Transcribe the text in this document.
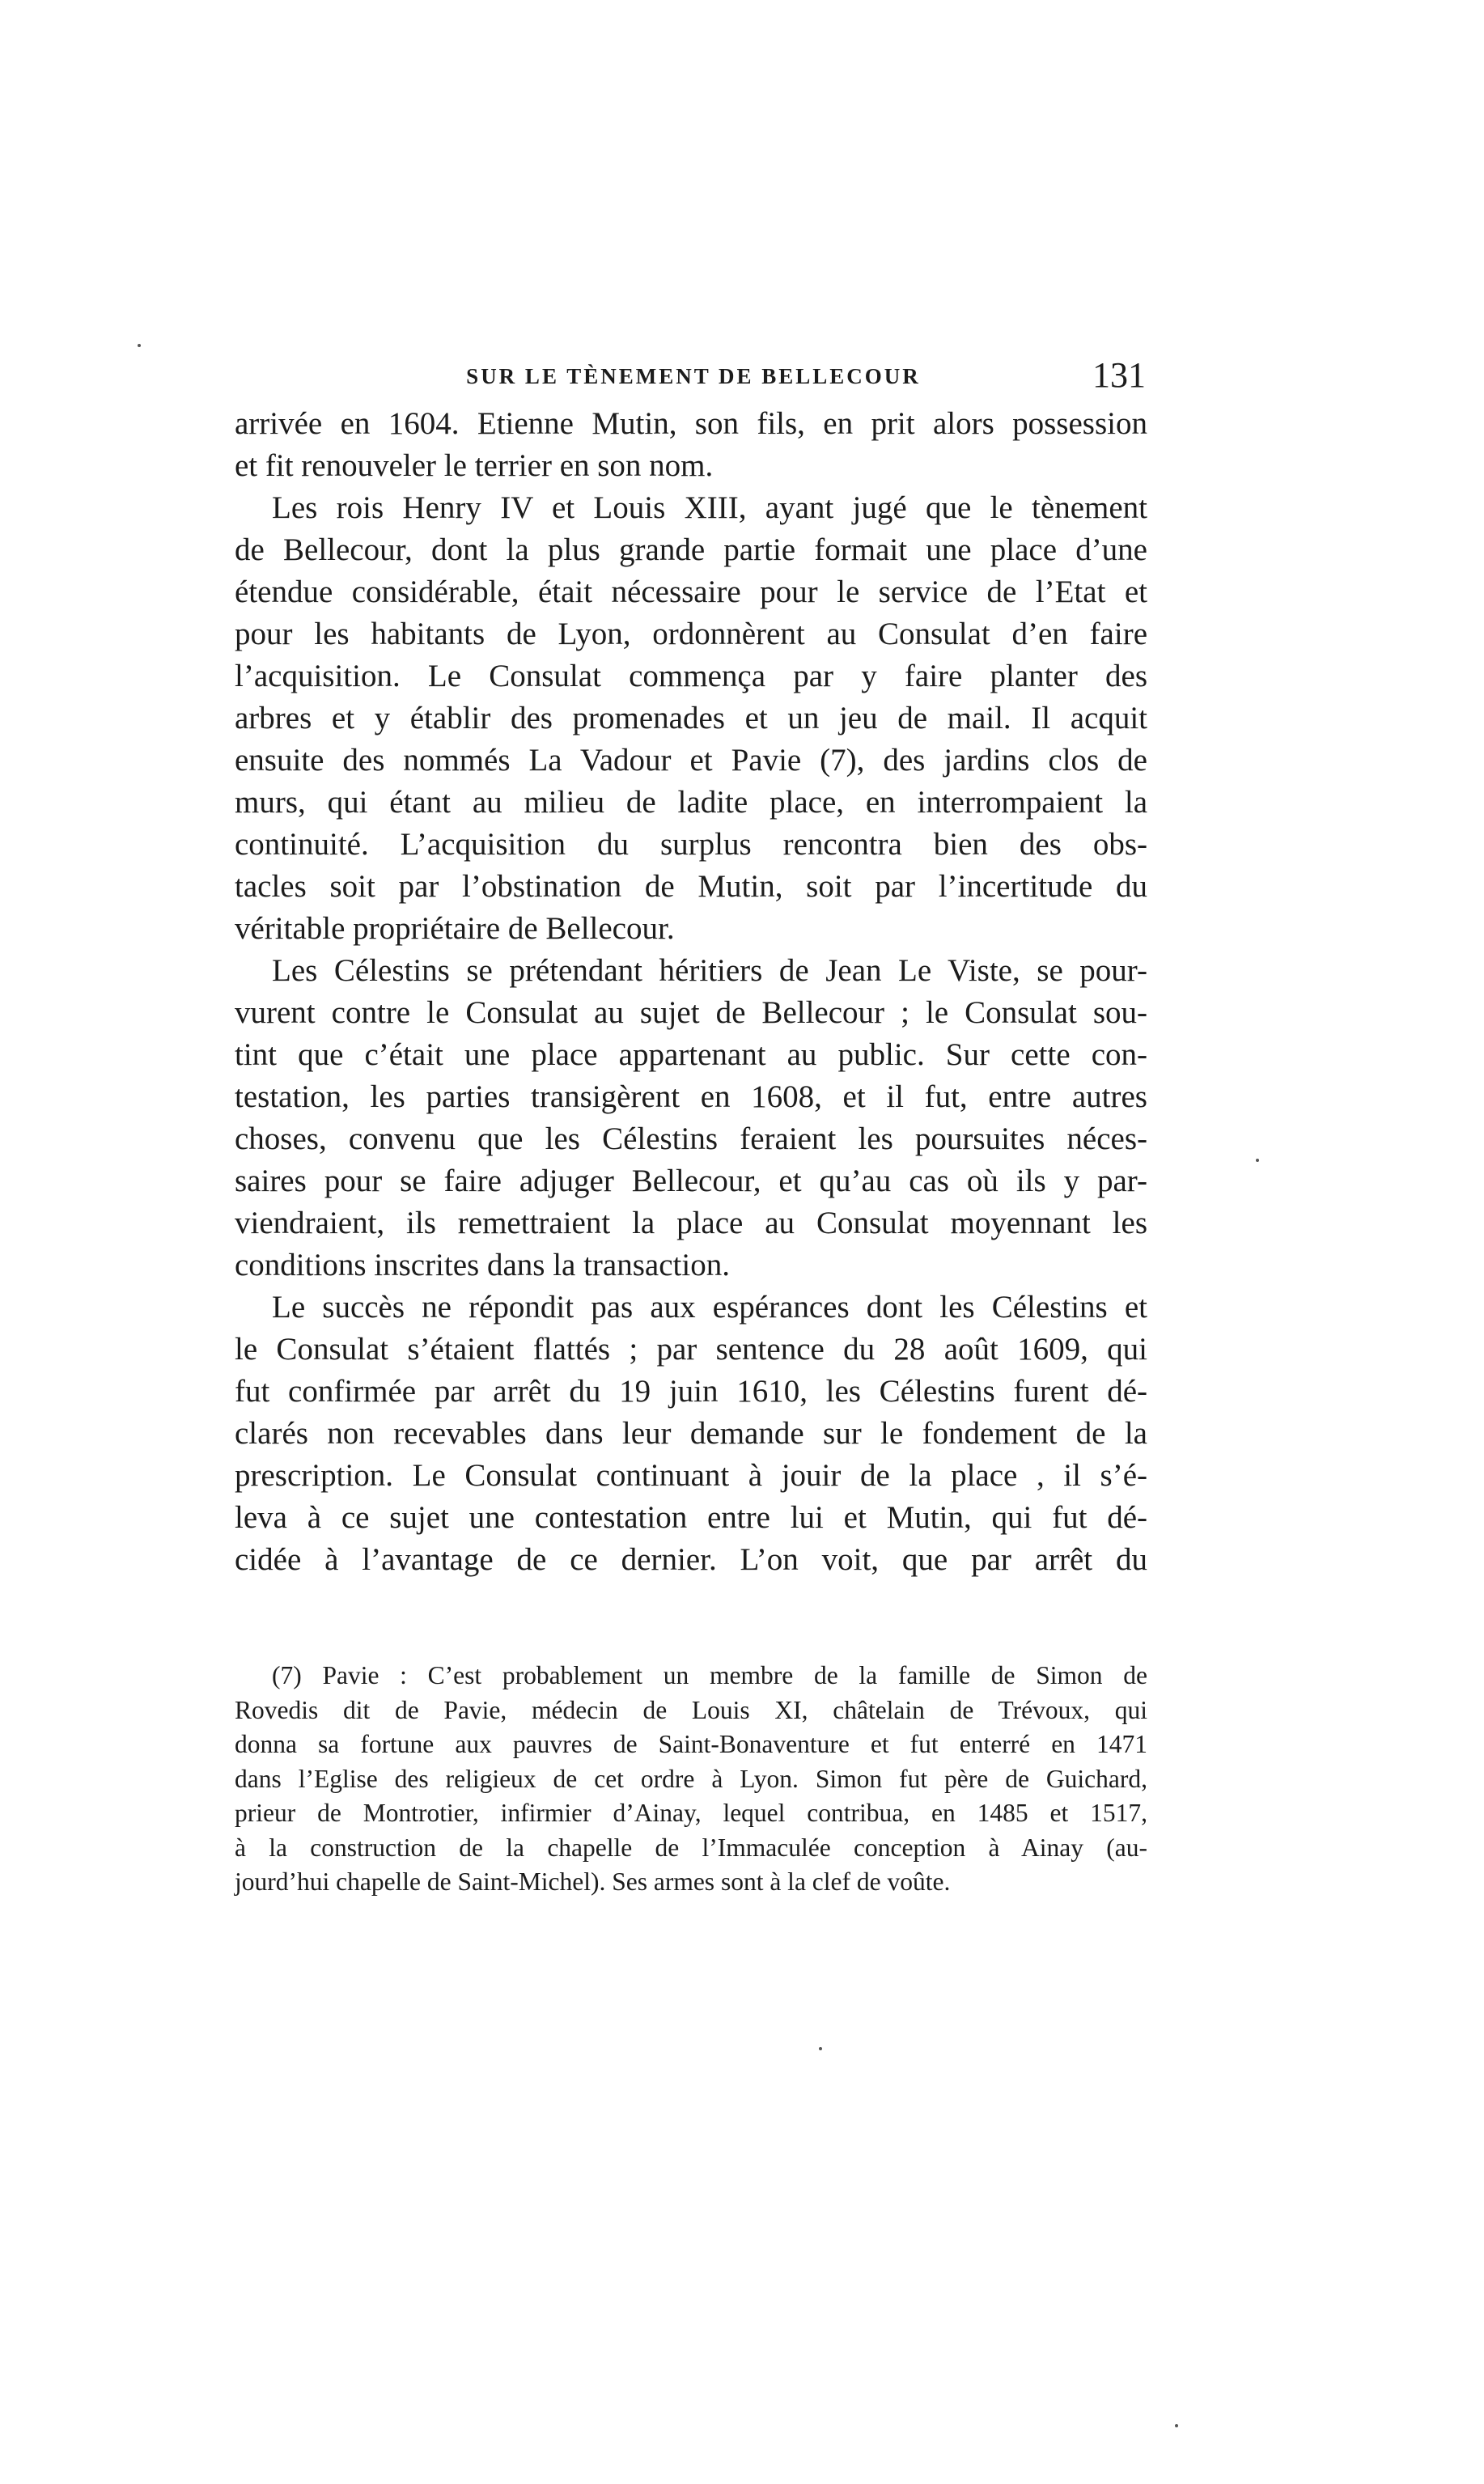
SUR LE TÈNEMENT DE BELLECOUR	131
arrivée en 1604. Etienne Mutin, son fils, en prit alors possession
et fit renouveler le terrier en son nom.
Les rois Henry IV et Louis XIII, ayant jugé que le tènement
de Bellecour, dont la plus grande partie formait une place d’une
étendue considérable, était nécessaire pour le service de l’Etat et
pour les habitants de Lyon, ordonnèrent au Consulat d’en faire
l’acquisition. Le Consulat commença par y faire planter des
arbres et y établir des promenades et un jeu de mail. Il acquit
ensuite des nommés La Vadour et Pavie (7), des jardins clos de
murs, qui étant au milieu de ladite place, en interrompaient la
continuité. L’acquisition du surplus rencontra bien des obs-
tacles soit par l’obstination de Mutin, soit par l’incertitude du
véritable propriétaire de Bellecour.
Les Célestins se prétendant héritiers de Jean Le Viste, se pour-
vurent contre le Consulat au sujet de Bellecour ; le Consulat sou-
tint que c’était une place appartenant au public. Sur cette con-
testation, les parties transigèrent en 1608, et il fut, entre autres
choses, convenu que les Célestins feraient les poursuites néces-
saires pour se faire adjuger Bellecour, et qu’au cas où ils y par-
viendraient, ils remettraient la place au Consulat moyennant les
conditions inscrites dans la transaction.
Le succès ne répondit pas aux espérances dont les Célestins et
le Consulat s’étaient flattés ; par sentence du 28 août 1609, qui
fut confirmée par arrêt du 19 juin 1610, les Célestins furent dé-
clarés non recevables dans leur demande sur le fondement de la
prescription. Le Consulat continuant à jouir de la place , il s’é-
leva à ce sujet une contestation entre lui et Mutin, qui fut dé-
cidée à l’avantage de ce dernier. L’on voit, que par arrêt du
(7) Pavie : C’est probablement un membre de la famille de Simon de
Rovedis dit de Pavie, médecin de Louis XI, châtelain de Trévoux, qui
donna sa fortune aux pauvres de Saint-Bonaventure et fut enterré en 1471
dans l’Eglise des religieux de cet ordre à Lyon. Simon fut père de Guichard,
prieur de Montrotier, infirmier d’Ainay, lequel contribua, en 1485 et 1517,
à la construction de la chapelle de l’Immaculée conception à Ainay (au-
jourd’hui chapelle de Saint-Michel). Ses armes sont à la clef de voûte.
